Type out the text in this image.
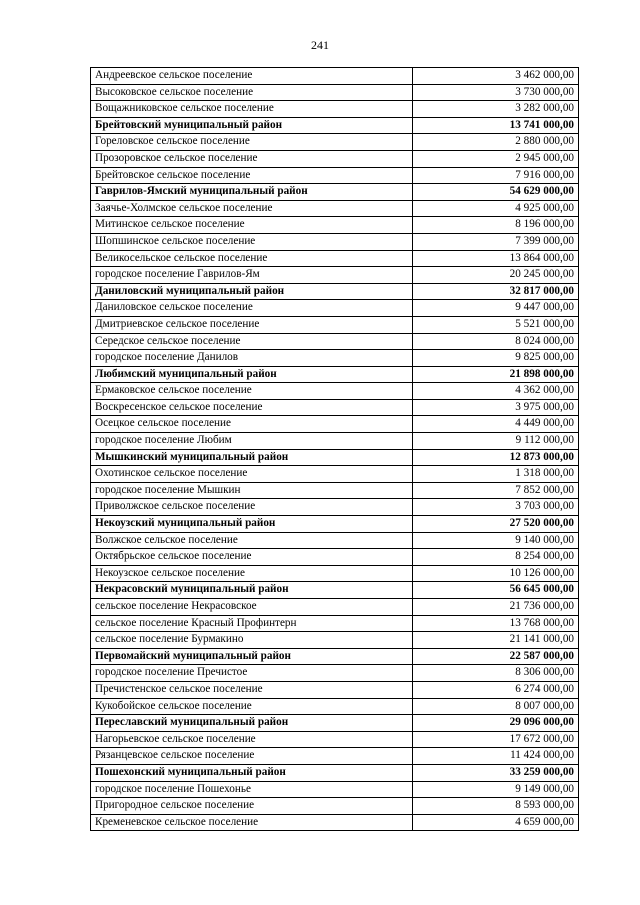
241
Андреевское сельское поселение	3 462 000,00
Высоковское сельское поселение	3 730 000,00
Вощажниковское сельское поселение	3 282 000,00
Брейтовский муниципальный район	13 741 000,00
Гореловское сельское поселение	2 880 000,00
Прозоровское сельское поселение	2 945 000,00
Брейтовское сельское поселение	7 916 000,00
Гаврилов-Ямский муниципальный район	54 629 000,00
Заячье-Холмское сельское поселение	4 925 000,00
Митинское сельское поселение	8 196 000,00
Шопшинское сельское поселение	7 399 000,00
Великосельское сельское поселение	13 864 000,00
городское поселение Гаврилов-Ям	20 245 000,00
Даниловский муниципальный район	32 817 000,00
Даниловское сельское поселение	9 447 000,00
Дмитриевское сельское поселение	5 521 000,00
Середское сельское поселение	8 024 000,00
городское поселение Данилов	9 825 000,00
Любимский муниципальный район	21 898 000,00
Ермаковское сельское поселение	4 362 000,00
Воскресенское сельское поселение	3 975 000,00
Осецкое сельское поселение	4 449 000,00
городское поселение Любим	9 112 000,00
Мышкинский муниципальный район	12 873 000,00
Охотинское сельское поселение	1 318 000,00
городское поселение Мышкин	7 852 000,00
Приволжское сельское поселение	3 703 000,00
Некоузский муниципальный район	27 520 000,00
Волжское сельское поселение	9 140 000,00
Октябрьское сельское поселение	8 254 000,00
Некоузское сельское поселение	10 126 000,00
Некрасовский муниципальный район	56 645 000,00
сельское поселение Некрасовское	21 736 000,00
сельское поселение Красный Профинтерн	13 768 000,00
сельское поселение Бурмакино	21 141 000,00
Первомайский муниципальный район	22 587 000,00
городское поселение Пречистое	8 306 000,00
Пречистенское сельское поселение	6 274 000,00
Кукобойское сельское поселение	8 007 000,00
Переславский муниципальный район	29 096 000,00
Нагорьевское сельское поселение	17 672 000,00
Рязанцевское сельское поселение	11 424 000,00
Пошехонский муниципальный район	33 259 000,00
городское поселение Пошехонье	9 149 000,00
Пригородное сельское поселение	8 593 000,00
Кременевское сельское поселение	4 659 000,00
